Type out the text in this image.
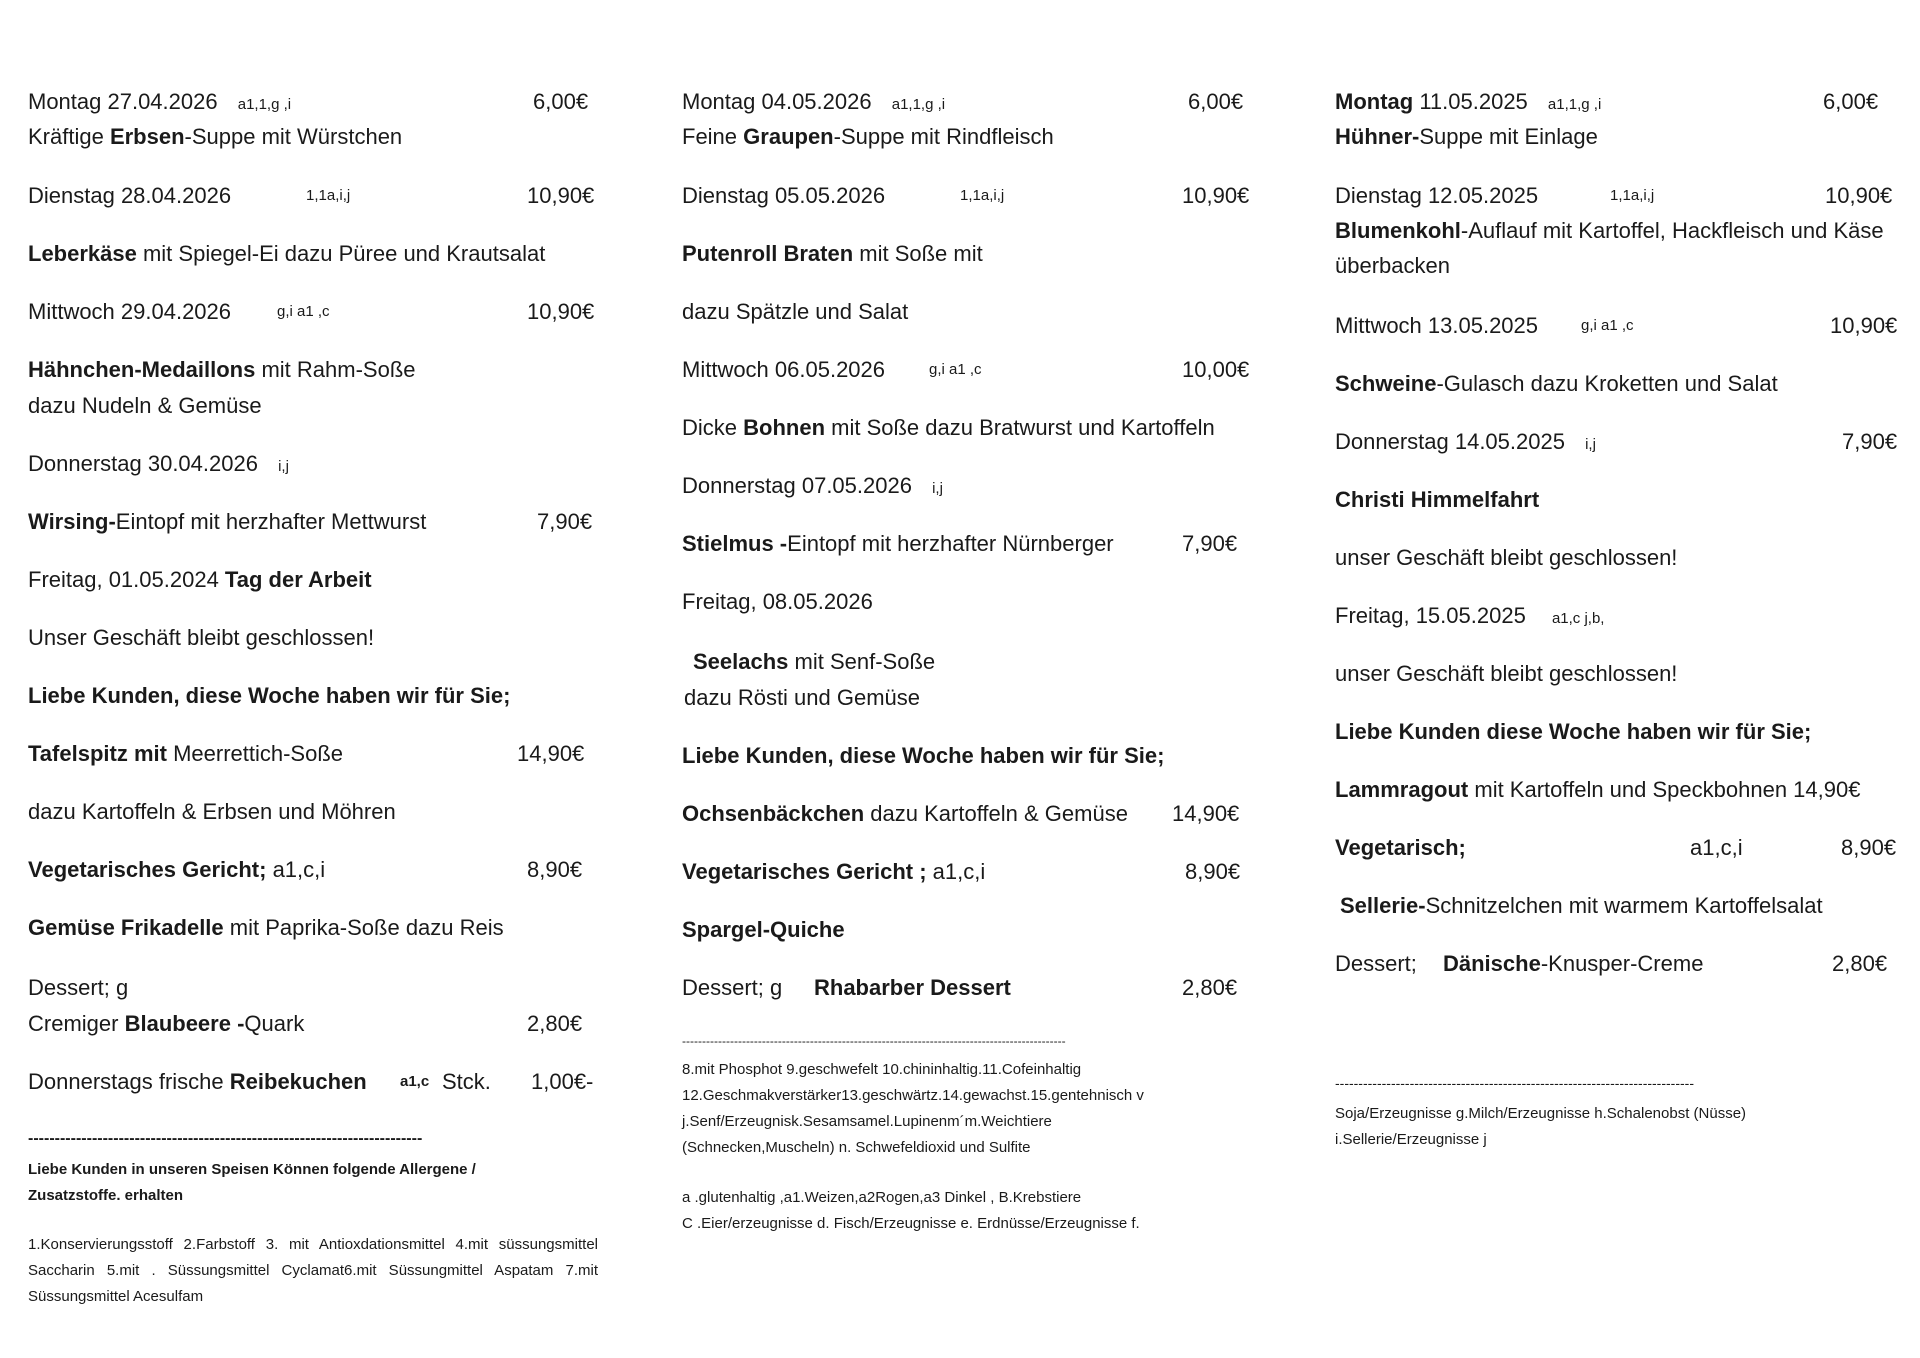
Montag 27.04.2026 a1,1,g ,i	6,00€
Kräftige Erbsen-Suppe mit Würstchen
Dienstag 28.04.2026	1,1a,i,j	10,90€
Leberkäse mit Spiegel-Ei dazu Püree und Krautsalat
Mittwoch 29.04.2026	g,i a1 ,c	10,90€
Hähnchen-Medaillons mit Rahm-Soße
dazu Nudeln & Gemüse
Donnerstag 30.04.2026 i,j
Wirsing-Eintopf mit herzhafter Mettwurst	7,90€
Freitag, 01.05.2024 Tag der Arbeit
Unser Geschäft bleibt geschlossen!
Liebe Kunden, diese Woche haben wir für Sie;
Tafelspitz mit Meerrettich-Soße	14,90€
dazu Kartoffeln & Erbsen und Möhren
Vegetarisches Gericht; a1,c,i	8,90€
Gemüse Frikadelle mit Paprika-Soße dazu Reis
Dessert; g
Cremiger Blaubeere -Quark	2,80€
Donnerstags frische Reibekuchen a1,c Stck. 1,00€-
--------------------------------------------------------------------------
Liebe Kunden in unseren Speisen Können folgende Allergene /
Zusatzstoffe. erhalten
1.Konservierungsstoff 2.Farbstoff 3. mit Antioxdationsmittel 4.mit süssungsmittel Saccharin 5.mit . Süssungsmittel Cyclamat6.mit Süssungmittel Aspatam 7.mit Süssungsmittel Acesulfam
Montag 04.05.2026 a1,1,g ,i	6,00€
Feine Graupen-Suppe mit Rindfleisch
Dienstag 05.05.2026	1,1a,i,j	10,90€
Putenroll Braten mit Soße mit
dazu Spätzle und Salat
Mittwoch 06.05.2026	g,i a1 ,c	10,00€
Dicke Bohnen mit Soße dazu Bratwurst und Kartoffeln
Donnerstag 07.05.2026 i,j
Stielmus -Eintopf mit herzhafter Nürnberger	7,90€
Freitag, 08.05.2026
Seelachs mit Senf-Soße
dazu Rösti und Gemüse
Liebe Kunden, diese Woche haben wir für Sie;
Ochsenbäckchen dazu Kartoffeln & Gemüse 14,90€
Vegetarisches Gericht ; a1,c,i	8,90€
Spargel-Quiche
Dessert; g Rhabarber Dessert	2,80€
------------------------------------------------------------------------------------------------
8.mit Phosphot 9.geschwefelt 10.chininhaltig.11.Cofeinhaltig
12.Geschmakverstärker13.geschwärtz.14.gewachst.15.gentehnisch v
j.Senf/Erzeugnisk.Sesamsamel.Lupinenm´m.Weichtiere
(Schnecken,Muscheln) n. Schwefeldioxid und Sulfite
a .glutenhaltig ,a1.Weizen,a2Rogen,a3 Dinkel , B.Krebstiere
C .Eier/erzeugnisse d. Fisch/Erzeugnisse e. Erdnüsse/Erzeugnisse f.
Montag 11.05.2025 a1,1,g ,i	6,00€
Hühner-Suppe mit Einlage
Dienstag 12.05.2025	1,1a,i,j	10,90€
Blumenkohl-Auflauf mit Kartoffel, Hackfleisch und Käse
überbacken
Mittwoch 13.05.2025	g,i a1 ,c	10,90€
Schweine-Gulasch dazu Kroketten und Salat
Donnerstag 14.05.2025 i,j	7,90€
Christi Himmelfahrt
unser Geschäft bleibt geschlossen!
Freitag, 15.05.2025 a1,c j,b,
unser Geschäft bleibt geschlossen!
Liebe Kunden diese Woche haben wir für Sie;
Lammragout mit Kartoffeln und Speckbohnen 14,90€
Vegetarisch;	a1,c,i	8,90€
Sellerie-Schnitzelchen mit warmem Kartoffelsalat
Dessert; Dänische-Knusper-Creme	2,80€
-----------------------------------------------------------------------------
Soja/Erzeugnisse g.Milch/Erzeugnisse h.Schalenobst (Nüsse)
i.Sellerie/Erzeugnisse j
